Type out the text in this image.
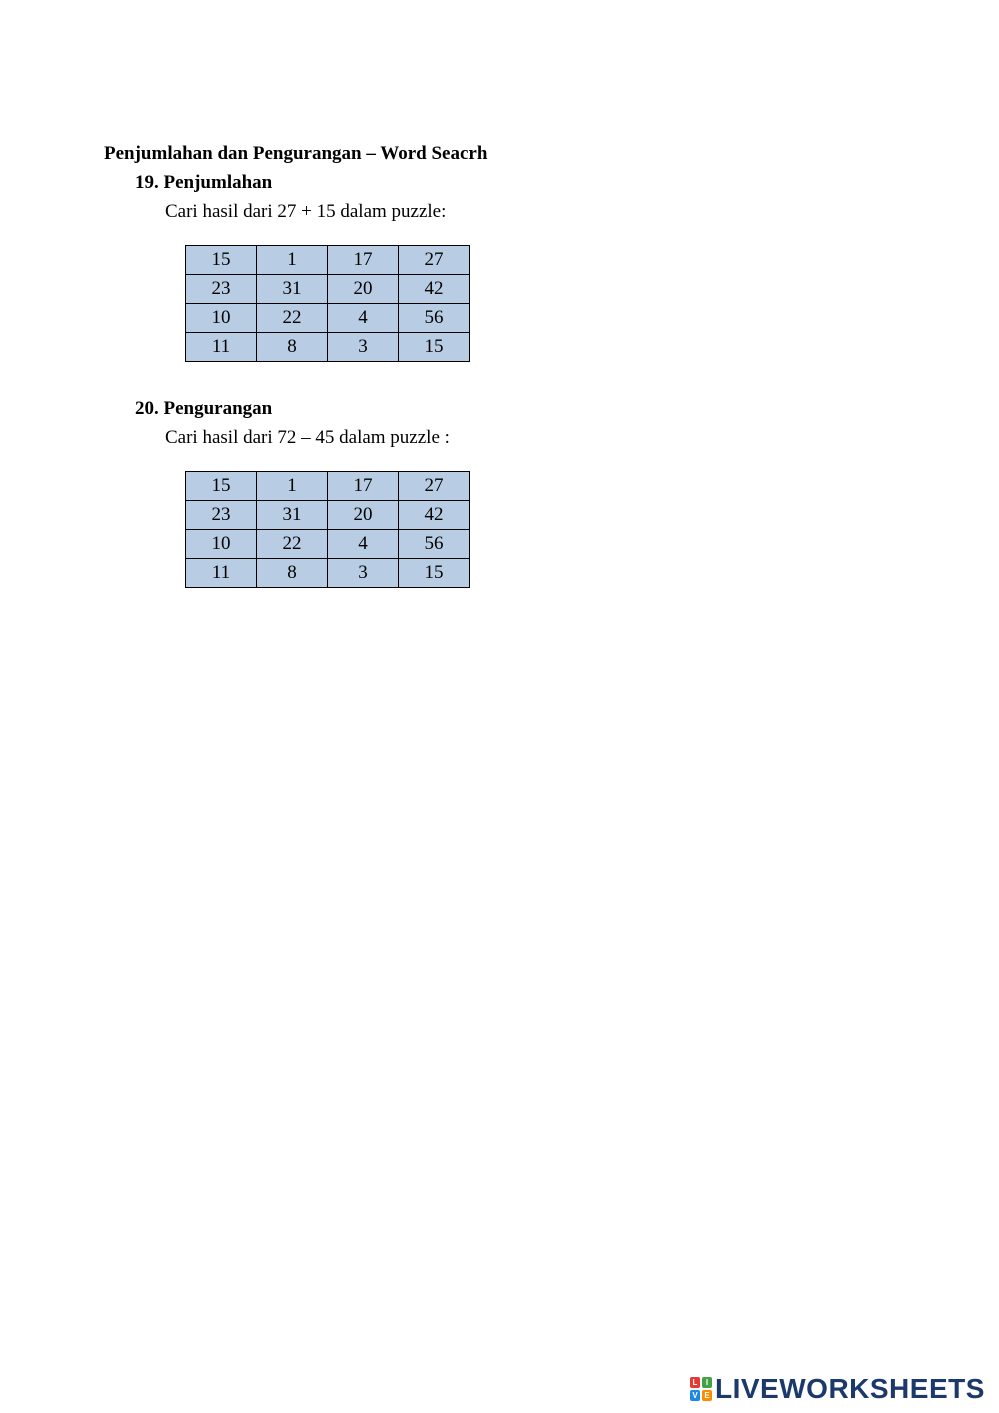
Penjumlahan dan Pengurangan – Word Seacrh
19. Penjumlahan
Cari hasil dari 27 + 15 dalam puzzle:
15	1	17	27
23	31	20	42
10	22	4	56
11	8	3	15
20. Pengurangan
Cari hasil dari 72 – 45 dalam puzzle :
15	1	17	27
23	31	20	42
10	22	4	56
11	8	3	15
L	I
V E LIVEWORKSHEETS
